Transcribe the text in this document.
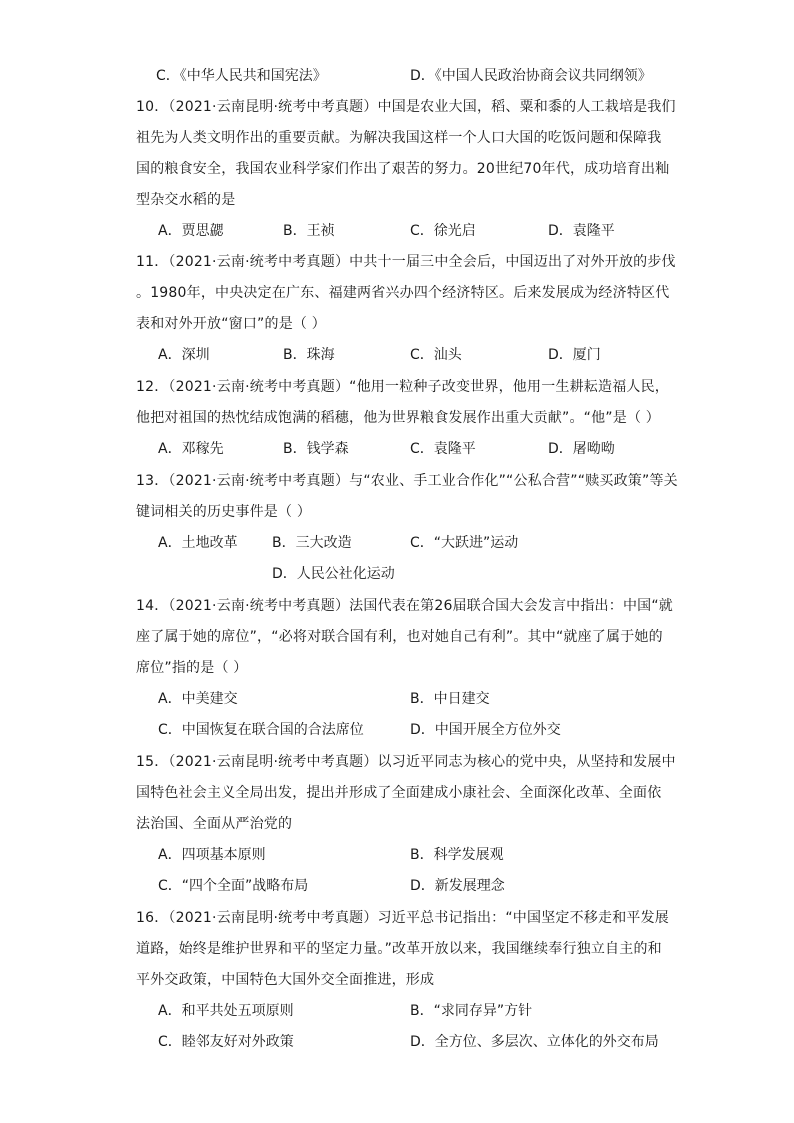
C．《中华人民共和国宪法》	D．《中国人民政治协商会议共同纲领》
10．（2021·云南昆明·统考中考真题）中国是农业大国，稻、粟和黍的人工栽培是我们
祖先为人类文明作出的重要贡献。为解决我国这样一个人口大国的吃饭问题和保障我
国的粮食安全，我国农业科学家们作出了艰苦的努力。20世纪70年代，成功培育出籼
型杂交水稻的是
A．贾思勰	B．王祯	C．徐光启	D．袁隆平
11．（2021·云南·统考中考真题）中共十一届三中全会后，中国迈出了对外开放的步伐
。1980年，中央决定在广东、福建两省兴办四个经济特区。后来发展成为经济特区代
表和对外开放“窗口”的是（ ）
A．深圳	B．珠海	C．汕头	D．厦门
12．（2021·云南·统考中考真题）“他用一粒种子改变世界，他用一生耕耘造福人民，
他把对祖国的热忱结成饱满的稻穗，他为世界粮食发展作出重大贡献”。“他”是（ ）
A．邓稼先	B．钱学森	C．袁隆平	D．屠呦呦
13．（2021·云南·统考中考真题）与“农业、手工业合作化”“公私合营”“赎买政策”等关
键词相关的历史事件是（ ）
A．土地改革 B．三大改造	C．“大跃进”运动
D．人民公社化运动
14．（2021·云南·统考中考真题）法国代表在第26届联合国大会发言中指出：中国“就
座了属于她的席位”，“必将对联合国有利，也对她自己有利”。其中“就座了属于她的
席位”指的是（ ）
A．中美建交	B．中日建交
C．中国恢复在联合国的合法席位	D．中国开展全方位外交
15．（2021·云南昆明·统考中考真题）以习近平同志为核心的党中央，从坚持和发展中
国特色社会主义全局出发，提出并形成了全面建成小康社会、全面深化改革、全面依
法治国、全面从严治党的
A．四项基本原则	B．科学发展观
C．“四个全面”战略布局	D．新发展理念
16．（2021·云南昆明·统考中考真题）习近平总书记指出：“中国坚定不移走和平发展
道路，始终是维护世界和平的坚定力量。”改革开放以来，我国继续奉行独立自主的和
平外交政策，中国特色大国外交全面推进，形成
A．和平共处五项原则	B．“求同存异”方针
C．睦邻友好对外政策	D．全方位、多层次、立体化的外交布局
